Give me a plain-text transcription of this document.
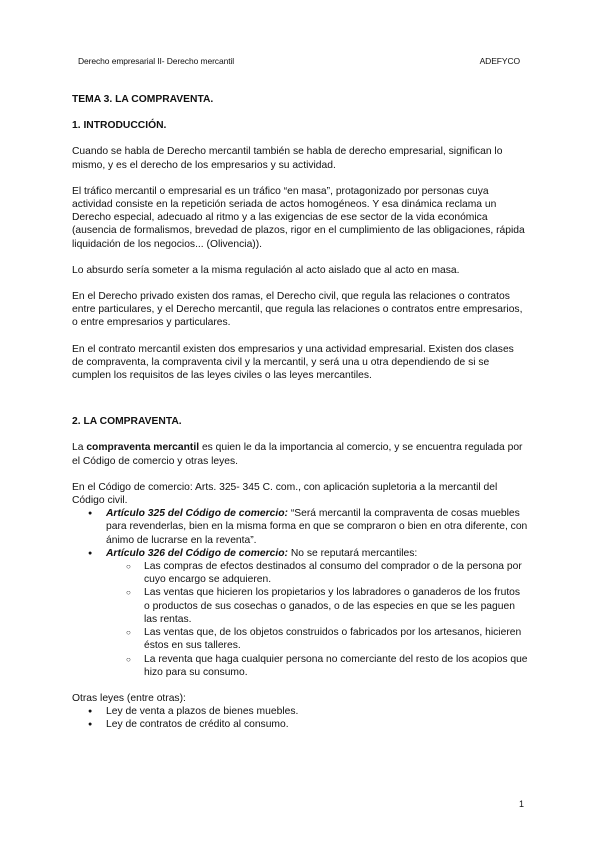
Derecho empresarial II- Derecho mercantil	ADEFYCO

TEMA 3. LA COMPRAVENTA.

1. INTRODUCCIÓN.

Cuando se habla de Derecho mercantil también se habla de derecho empresarial, significan lo mismo, y es el derecho de los empresarios y su actividad.

El tráfico mercantil o empresarial es un tráfico “en masa”, protagonizado por personas cuya actividad consiste en la repetición seriada de actos homogéneos. Y esa dinámica reclama un Derecho especial, adecuado al ritmo y a las exigencias de ese sector de la vida económica (ausencia de formalismos, brevedad de plazos, rigor en el cumplimiento de las obligaciones, rápida liquidación de los negocios... (Olivencia)).

Lo absurdo sería someter a la misma regulación al acto aislado que al acto en masa.

En el Derecho privado existen dos ramas, el Derecho civil, que regula las relaciones o contratos entre particulares, y el Derecho mercantil, que regula las relaciones o contratos entre empresarios, o entre empresarios y particulares.

En el contrato mercantil existen dos empresarios y una actividad empresarial. Existen dos clases de compraventa, la compraventa civil y la mercantil, y será una u otra dependiendo de si se cumplen los requisitos de las leyes civiles o las leyes mercantiles.

2. LA COMPRAVENTA.

La compraventa mercantil es quien le da la importancia al comercio, y se encuentra regulada por el Código de comercio y otras leyes.

En el Código de comercio: Arts. 325- 345 C. com., con aplicación supletoria a la mercantil del Código civil.

● Artículo 325 del Código de comercio: “Será mercantil la compraventa de cosas muebles para revenderlas, bien en la misma forma en que se compraron o bien en otra diferente, con ánimo de lucrarse en la reventa”.
● Artículo 326 del Código de comercio: No se reputará mercantiles:
○ Las compras de efectos destinados al consumo del comprador o de la persona por cuyo encargo se adquieren.
○ Las ventas que hicieren los propietarios y los labradores o ganaderos de los frutos o productos de sus cosechas o ganados, o de las especies en que se les paguen las rentas.
○ Las ventas que, de los objetos construidos o fabricados por los artesanos, hicieren éstos en sus talleres.
○ La reventa que haga cualquier persona no comerciante del resto de los acopios que hizo para su consumo.

Otras leyes (entre otras):

● Ley de venta a plazos de bienes muebles.
● Ley de contratos de crédito al consumo.
1
